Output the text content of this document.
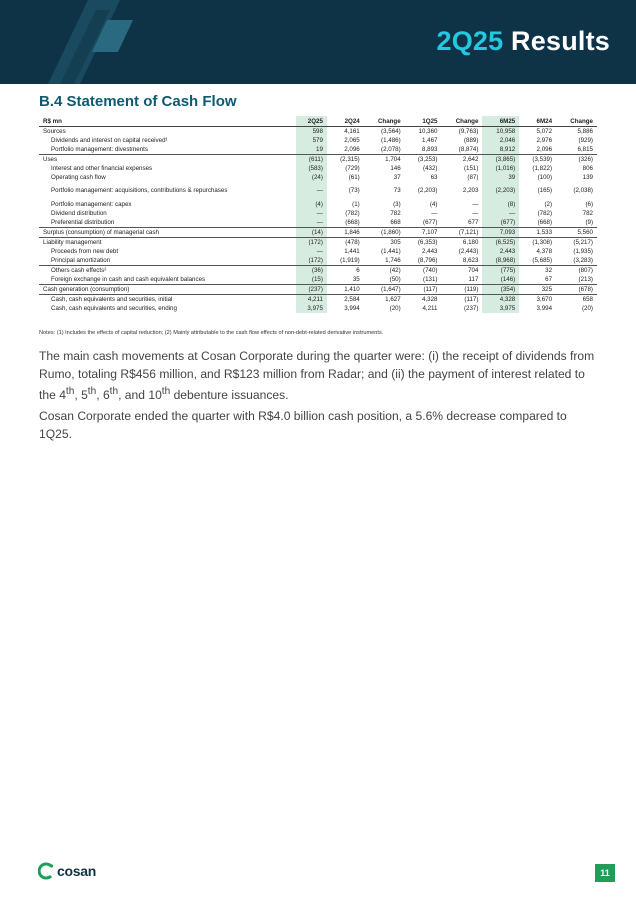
2Q25 Results
B.4 Statement of Cash Flow
R$ mn	2Q25	2Q24	Change	1Q25	Change	6M25	6M24	Change
Sources	598	4,161	(3,564)	10,360	(9,763)	10,958	5,072	5,886
Dividends and interest on capital received¹	579	2,065	(1,486)	1,467	(889)	2,046	2,976	(929)
Portfolio management: divestments	19	2,096	(2,078)	8,893	(8,874)	8,912	2,096	6,815
Uses	(611)	(2,315)	1,704	(3,253)	2,642	(3,865)	(3,539)	(326)
Interest and other financial expenses	(583)	(729)	146	(432)	(151)	(1,016)	(1,822)	806
Operating cash flow	(24)	(61)	37	63	(87)	39	(100)	139
Portfolio management: acquisitions, contributions & repurchases	—	(73)	73	(2,203)	2,203	(2,203)	(165)	(2,038)
Portfolio management: capex	(4)	(1)	(3)	(4)	—	(8)	(2)	(6)
Dividend distribution	—	(782)	782	—	—	—	(782)	782
Preferential distribution	—	(668)	668	(677)	677	(677)	(668)	(9)
Surplus (consumption) of managerial cash	(14)	1,846	(1,860)	7,107	(7,121)	7,093	1,533	5,560
Liability management	(172)	(478)	305	(6,353)	6,180	(6,525)	(1,308)	(5,217)
Proceeds from new debt	—	1,441	(1,441)	2,443	(2,443)	2,443	4,378	(1,935)
Principal amortization	(172)	(1,919)	1,746	(8,796)	8,623	(8,968)	(5,685)	(3,283)
Others cash effects²	(36)	6	(42)	(740)	704	(775)	32	(807)
Foreign exchange in cash and cash equivalent balances	(15)	35	(50)	(131)	117	(146)	67	(213)
Cash generation (consumption)	(237)	1,410	(1,647)	(117)	(119)	(354)	325	(678)
Cash, cash equivalents and securities, initial	4,211	2,584	1,627	4,328	(117)	4,328	3,670	658
Cash, cash equivalents and securities, ending	3,975	3,994	(20)	4,211	(237)	3,975	3,994	(20)
Notes: (1) Includes the effects of capital reduction; (2) Mainly attributable to the cash flow effects of non-debt-related derivative instruments.
The main cash movements at Cosan Corporate during the quarter were: (i) the receipt of dividends from Rumo, totaling R$456 million, and R$123 million from Radar; and (ii) the payment of interest related to the 4th, 5th, 6th, and 10th debenture issuances.
Cosan Corporate ended the quarter with R$4.0 billion cash position, a 5.6% decrease compared to 1Q25.
cosan	11
